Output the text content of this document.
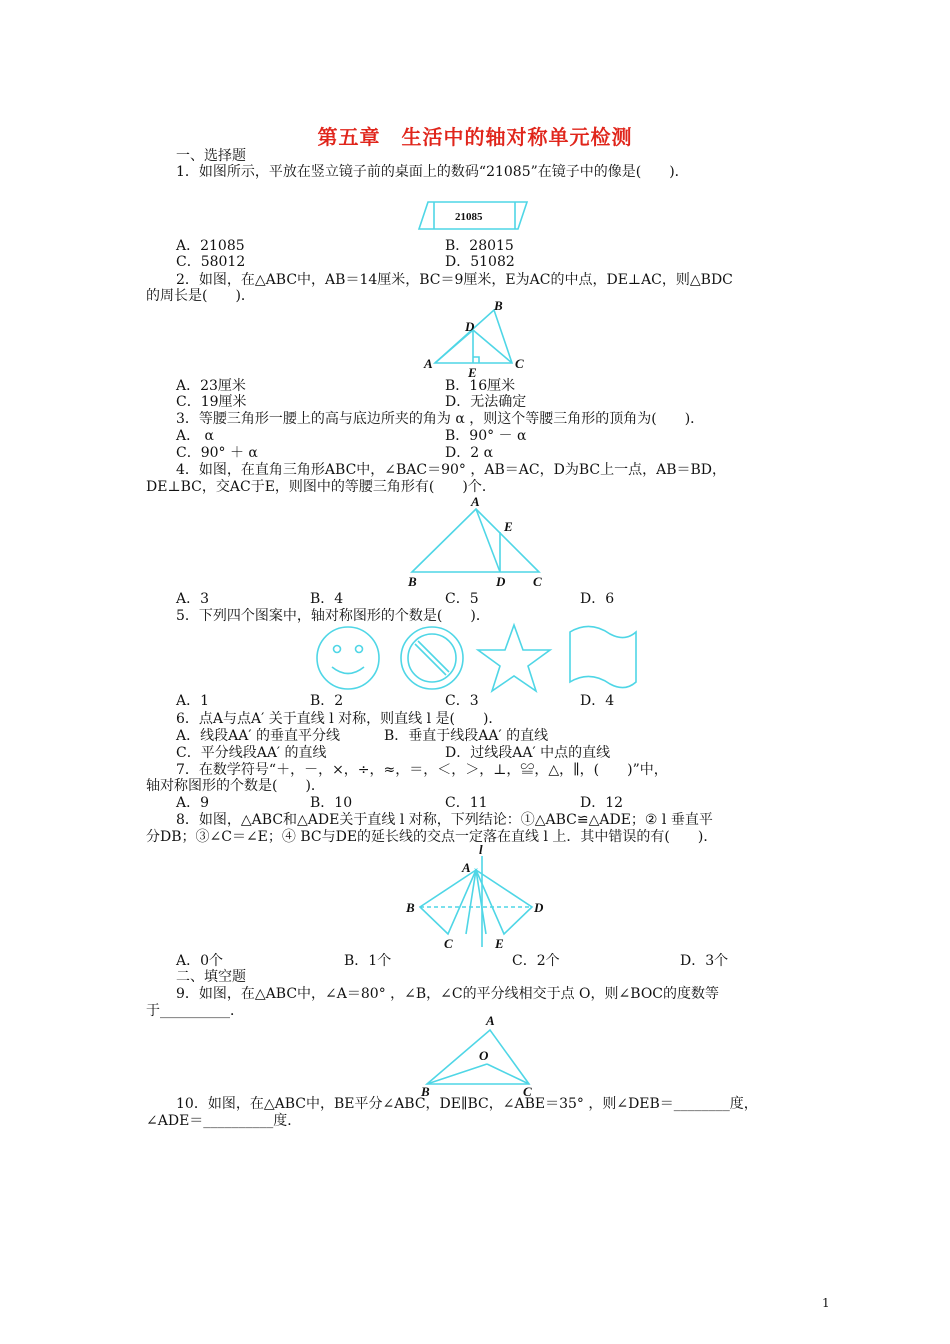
第五章　生活中的轴对称单元检测
一、选择题
1．如图所示，平放在竖立镜子前的桌面上的数码“21085”在镜子中的像是(　　)．
21085
A．21085	B．28015
C．58012	D．51082
2．如图，在△ABC中，AB＝14厘米，BC＝9厘米，E为AC的中点，DE⊥AC，则△BDC
的周长是(　　)．
B
D
A
E
C
A．23厘米	B．16厘米
C．19厘米	D．无法确定
3．等腰三角形一腰上的高与底边所夹的角为 α ，则这个等腰三角形的顶角为(　　)．
A． α	B．90° － α
C．90° ＋ α	D．2 α
4．如图，在直角三角形ABC中，∠BAC＝90° ，AB＝AC，D为BC上一点，AB＝BD，
DE⊥BC，交AC于E，则图中的等腰三角形有(　　)个．
A
E
B	D C
A．3	B．4	C．5	D．6
5．下列四个图案中，轴对称图形的个数是(　　)．
A．1	B．2	C．3	D．4
6．点A与点A′ 关于直线 l 对称，则直线 l 是(　　)．
A．线段AA′ 的垂直平分线	B．垂直于线段AA′ 的直线
C．平分线段AA′ 的直线	D．过线段AA′ 中点的直线
7．在数学符号“＋，－，×，÷，≈，＝，＜，＞，⊥，≌，△，∥，(　　)”中，
轴对称图形的个数是(　　)．
A．9	B．10	C．11	D．12
8．如图，△ABC和△ADE关于直线 l 对称，下列结论：①△ABC≌△ADE；② l 垂直平
分DB；③∠C＝∠E；④ BC与DE的延长线的交点一定落在直线 l 上．其中错误的有(　　)．
l
A
B	D
C	E
A．0个	B．1个	C．2个	D．3个
二、填空题
9．如图，在△ABC中，∠A＝80° ，∠B，∠C的平分线相交于点 O，则∠BOC的度数等
于__________．
A
O
B	C
10．如图，在△ABC中，BE平分∠ABC，DE∥BC，∠ABE＝35° ，则∠DEB＝________度，
∠ADE＝__________度．
1
